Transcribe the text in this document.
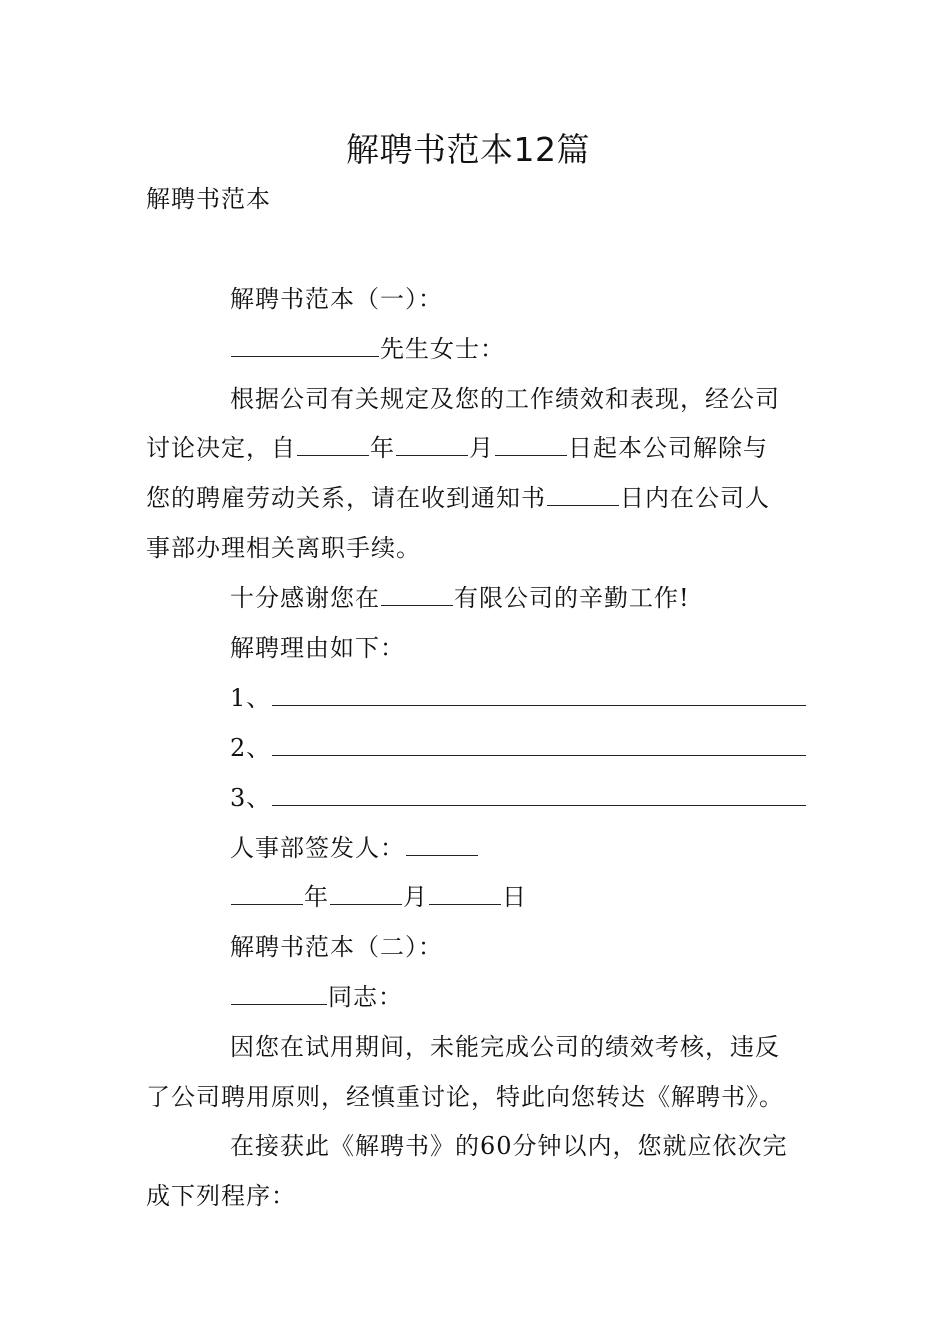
解聘书范本12篇
解聘书范本
解聘书范本（一）：
先生女士：
根据公司有关规定及您的工作绩效和表现，经公司
讨论决定，自	年	月	日起本公司解除与
您的聘雇劳动关系，请在收到通知书	日内在公司人
事部办理相关离职手续。
十分感谢您在	有限公司的辛勤工作!
解聘理由如下：
1、
2、
3、
人事部签发人：
年	月	日
解聘书范本（二）：
同志：
因您在试用期间，未能完成公司的绩效考核，违反
了公司聘用原则，经慎重讨论，特此向您转达《解聘书》。
在接获此《解聘书》的60分钟以内，您就应依次完
成下列程序：
